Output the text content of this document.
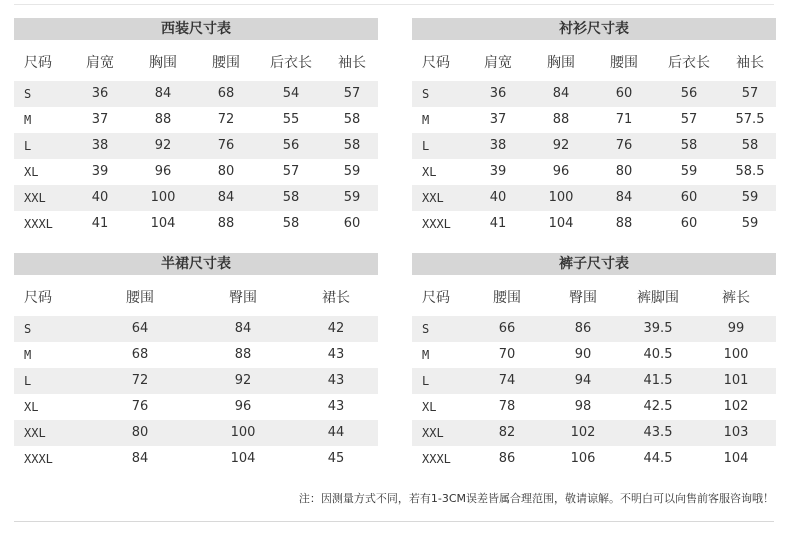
西装尺寸表
尺码	肩宽	胸围	腰围	后衣长	袖长
S	36	84	68	54	57
M	37	88	72	55	58
L	38	92	76	56	58
XL	39	96	80	57	59
XXL	40	100	84	58	59
XXXL	41	104	88	58	60
衬衫尺寸表
尺码	肩宽	胸围	腰围	后衣长	袖长
S	36	84	60	56	57
M	37	88	71	57	57.5
L	38	92	76	58	58
XL	39	96	80	59	58.5
XXL	40	100	84	60	59
XXXL	41	104	88	60	59
半裙尺寸表
尺码	腰围	臀围	裙长
S	64	84	42
M	68	88	43
L	72	92	43
XL	76	96	43
XXL	80	100	44
XXXL	84	104	45
裤子尺寸表
尺码	腰围	臀围	裤脚围	裤长
S	66	86	39.5	99
M	70	90	40.5	100
L	74	94	41.5	101
XL	78	98	42.5	102
XXL	82	102	43.5	103
XXXL	86	106	44.5	104
注：因测量方式不同，若有1-3CM误差皆属合理范围，敬请谅解。不明白可以向售前客服咨询哦！
